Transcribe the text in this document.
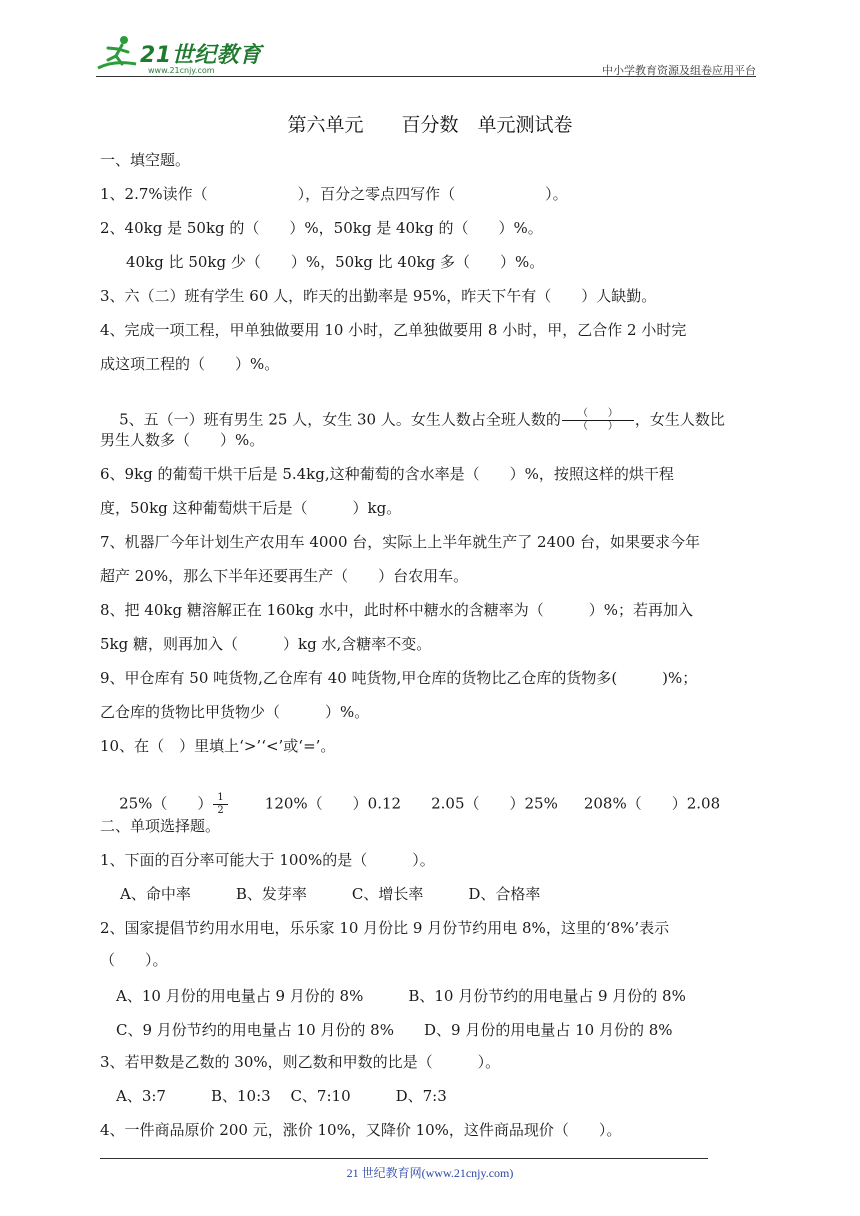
21世纪教育
www.21cnjy.com	中小学教育资源及组卷应用平台
第六单元　　百分数　单元测试卷
一、填空题。
1、2.7%读作（　　　　　　），百分之零点四写作（　　　　　　）。
2、40kg 是 50kg 的（　　）%，50kg 是 40kg 的（　　）%。
40kg 比 50kg 少（　　）%，50kg 比 40kg 多（　　）%。
3、六（二）班有学生 60 人，昨天的出勤率是 95%，昨天下午有（　　）人缺勤。
4、完成一项工程，甲单独做要用 10 小时，乙单独做要用 8 小时，甲，乙合作 2 小时完
成这项工程的（　　）%。

5、五（一）班有男生 25 人，女生 30 人。女生人数占全班人数的 $\frac{( )}{( )}$ ，女生人数比

男生人数多（　　）%。
6、9kg 的葡萄干烘干后是 5.4kg,这种葡萄的含水率是（　　）%，按照这样的烘干程
度，50kg 这种葡萄烘干后是（　　　）kg。
7、机器厂今年计划生产农用车 4000 台，实际上上半年就生产了 2400 台，如果要求今年
超产 20%，那么下半年还要再生产（　　）台农用车。
8、把 40kg 糖溶解正在 160kg 水中，此时杯中糖水的含糖率为（　　　）%；若再加入
5kg 糖，则再加入（　　　）kg 水,含糖率不变。
9、甲仓库有 50 吨货物,乙仓库有 40 吨货物,甲仓库的货物比乙仓库的货物多(　　　)%；
乙仓库的货物比甲货物少（　　　）%。
10、在（　）里填上‘>’‘<’或‘=’。

25%（　　） $\frac{1}{2} 120\%$（　　）0.12 2.05（　　）25% 208%（　　）2.08

二、单项选择题。
1、下面的百分率可能大于 100%的是（　　　）。
A、命中率　　　B、发芽率　　　C、增长率　　　D、合格率
2、国家提倡节约用水用电，乐乐家 10 月份比 9 月份节约用电 8%，这里的‘8%’表示
（　　）。
A、10 月份的用电量占 9 月份的 8%　　　B、10 月份节约的用电量占 9 月份的 8%
C、9 月份节约的用电量占 10 月份的 8%　　D、9 月份的用电量占 10 月份的 8%
3、若甲数是乙数的 30%，则乙数和甲数的比是（　　　）。
A、3:7　　　B、10:3　 C、7:10　　　D、7:3
4、一件商品原价 200 元，涨价 10%，又降价 10%，这件商品现价（　　）。
21 世纪教育网(www.21cnjy.com)
